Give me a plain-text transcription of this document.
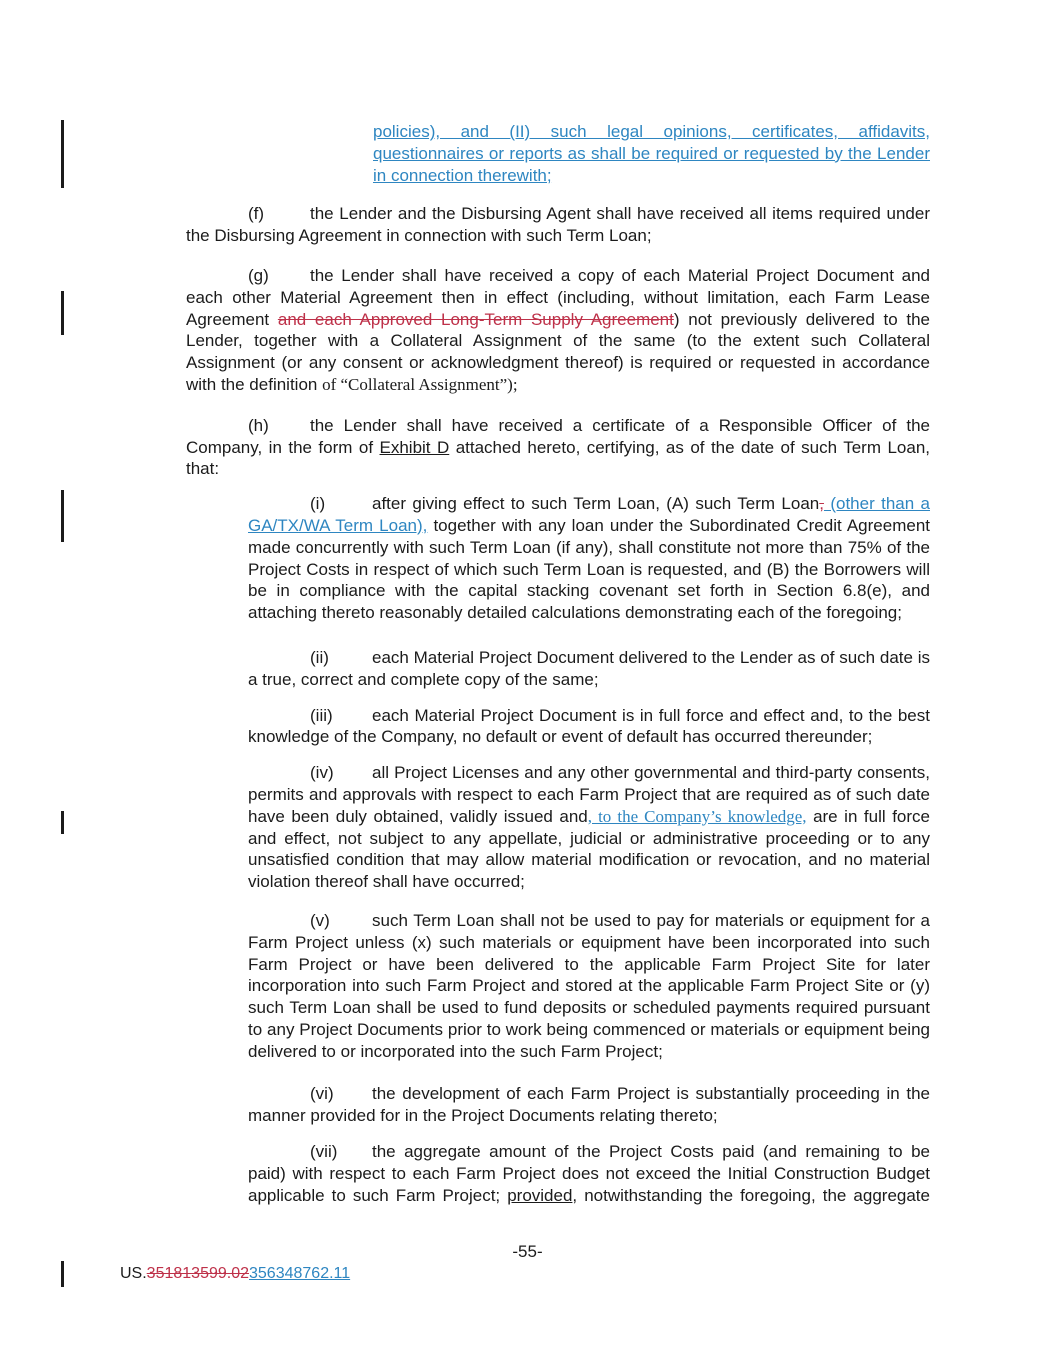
policies), and (II) such legal opinions, certificates, affidavits, questionnaires or reports as shall be required or requested by the Lender in connection therewith;

(f)	the Lender and the Disbursing Agent shall have received all items required under the Disbursing Agreement in connection with such Term Loan;

(g) the Lender shall have received a copy of each Material Project Document and each other Material Agreement then in effect (including, without limitation, each Farm Lease Agreement and each Approved Long-Term Supply Agreement) not previously delivered to the Lender, together with a Collateral Assignment of the same (to the extent such Collateral Assignment (or any consent or acknowledgment thereof) is required or requested in accordance with the definition of “Collateral Assignment”);

(h) the Lender shall have received a certificate of a Responsible Officer of the Company, in the form of Exhibit D attached hereto, certifying, as of the date of such Term Loan, that:

(i)	after giving effect to such Term Loan, (A) such Term Loan, (other than a GA/TX/WA Term Loan), together with any loan under the Subordinated Credit Agreement made concurrently with such Term Loan (if any), shall constitute not more than 75% of the Project Costs in respect of which such Term Loan is requested, and (B) the Borrowers will be in compliance with the capital stacking covenant set forth in Section 6.8(e), and attaching thereto reasonably detailed calculations demonstrating each of the foregoing;

(ii)	each Material Project Document delivered to the Lender as of such date is a true, correct and complete copy of the same;

(iii) each Material Project Document is in full force and effect and, to the best knowledge of the Company, no default or event of default has occurred thereunder;

(iv) all Project Licenses and any other governmental and third-party consents, permits and approvals with respect to each Farm Project that are required as of such date have been duly obtained, validly issued and, to the Company’s knowledge, are in full force and effect, not subject to any appellate, judicial or administrative proceeding or to any unsatisfied condition that may allow material modification or revocation, and no material violation thereof shall have occurred;

(v) such Term Loan shall not be used to pay for materials or equipment for a Farm Project unless (x) such materials or equipment have been incorporated into such Farm Project or have been delivered to the applicable Farm Project Site for later incorporation into such Farm Project and stored at the applicable Farm Project Site or (y) such Term Loan shall be used to fund deposits or scheduled payments required pursuant to any Project Documents prior to work being commenced or materials or equipment being delivered to or incorporated into the such Farm Project;

(vi) the development of each Farm Project is substantially proceeding in the manner provided for in the Project Documents relating thereto;

(vii) the aggregate amount of the Project Costs paid (and remaining to be paid) with respect to each Farm Project does not exceed the Initial Construction Budget applicable to such Farm Project; provided, notwithstanding the foregoing, the aggregate

-55-
US.351813599.02356348762.11
